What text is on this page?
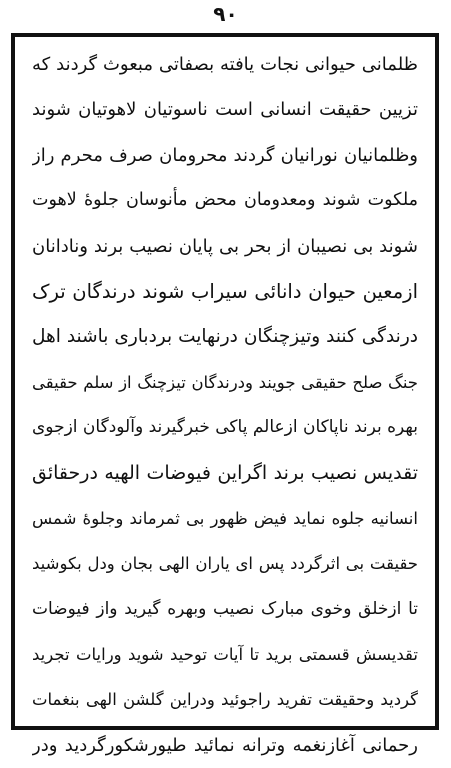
۹۰
ظلمانی حیوانی نجات یافته بصفاتی مبعوث گردند که
تزیین حقیقت انسانی است ناسوتیان لاهوتیان شوند
وظلمانیان نورانیان گردند محرومان صرف محرم راز
ملکوت شوند ومعدومان محض مأنوسان جلوهٔ لاهوت
شوند بی نصیبان از بحر بی پایان نصیب برند ونادانان
ازمعین حیوان دانائی سیراب شوند درندگان ترک
درندگی کنند وتیزچنگان درنهایت بردباری باشند اهل
جنگ صلح حقیقی جویند ودرندگان تیزچنگ از سلم حقیقی
بهره برند ناپاکان ازعالم پاکی خبرگیرند وآلودگان ازجوی
تقدیس نصیب برند اگراین فیوضات الهیه درحقائق
انسانیه جلوه نماید فیض ظهور بی ثمرماند وجلوهٔ شمس
حقیقت بی اثرگردد پس ای یاران الهی بجان ودل بکوشید
تا ازخلق وخوی مبارک نصیب وبهره گیرید واز فیوضات
تقدیسش قسمتی برید تا آیات توحید شوید ورایات تجرید
گردید وحقیقت تفرید راجوئید ودراین گلشن الهی بنغمات
رحمانی آغازنغمه وترانه نمائید طیورشکورگردید ودر
